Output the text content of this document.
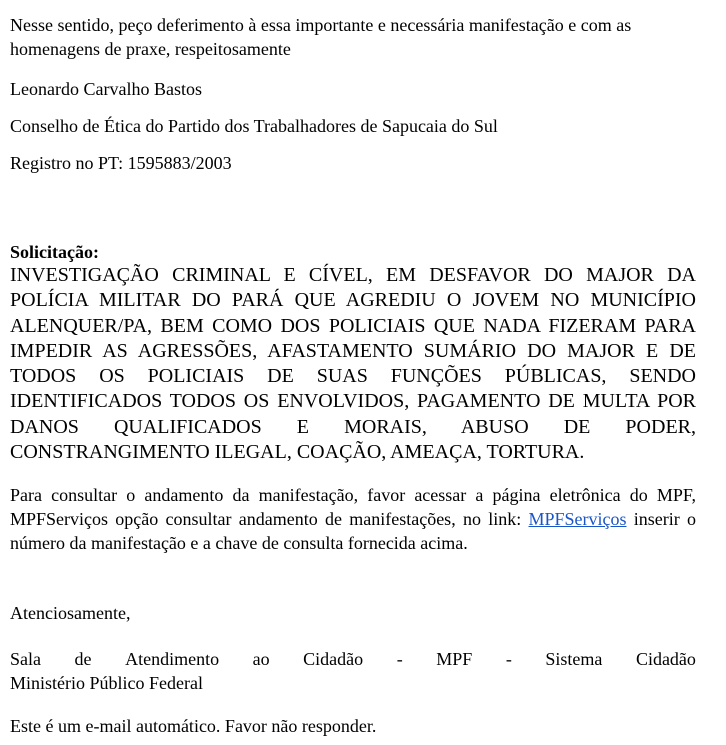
Nesse sentido, peço deferimento à essa importante e necessária manifestação e com as homenagens de praxe, respeitosamente

Leonardo Carvalho Bastos

Conselho de Ética do Partido dos Trabalhadores de Sapucaia do Sul

Registro no PT: 1595883/2003

Solicitação:

INVESTIGAÇÃO CRIMINAL E CÍVEL, EM DESFAVOR DO MAJOR DA POLÍCIA MILITAR DO PARÁ QUE AGREDIU O JOVEM NO MUNICÍPIO ALENQUER/PA, BEM COMO DOS POLICIAIS QUE NADA FIZERAM PARA IMPEDIR AS AGRESSÕES, AFASTAMENTO SUMÁRIO DO MAJOR E DE TODOS OS POLICIAIS DE SUAS FUNÇÕES PÚBLICAS, SENDO IDENTIFICADOS TODOS OS ENVOLVIDOS, PAGAMENTO DE MULTA POR DANOS QUALIFICADOS E MORAIS, ABUSO DE PODER, CONSTRANGIMENTO ILEGAL, COAÇÃO, AMEAÇA, TORTURA.

Para consultar o andamento da manifestação, favor acessar a página eletrônica do MPF, MPFServiços opção consultar andamento de manifestações, no link: MPFServiços inserir o número da manifestação e a chave de consulta fornecida acima.

Atenciosamente,

Sala de Atendimento ao Cidadão - MPF - Sistema Cidadão
Ministério Público Federal

Este é um e-mail automático. Favor não responder.
